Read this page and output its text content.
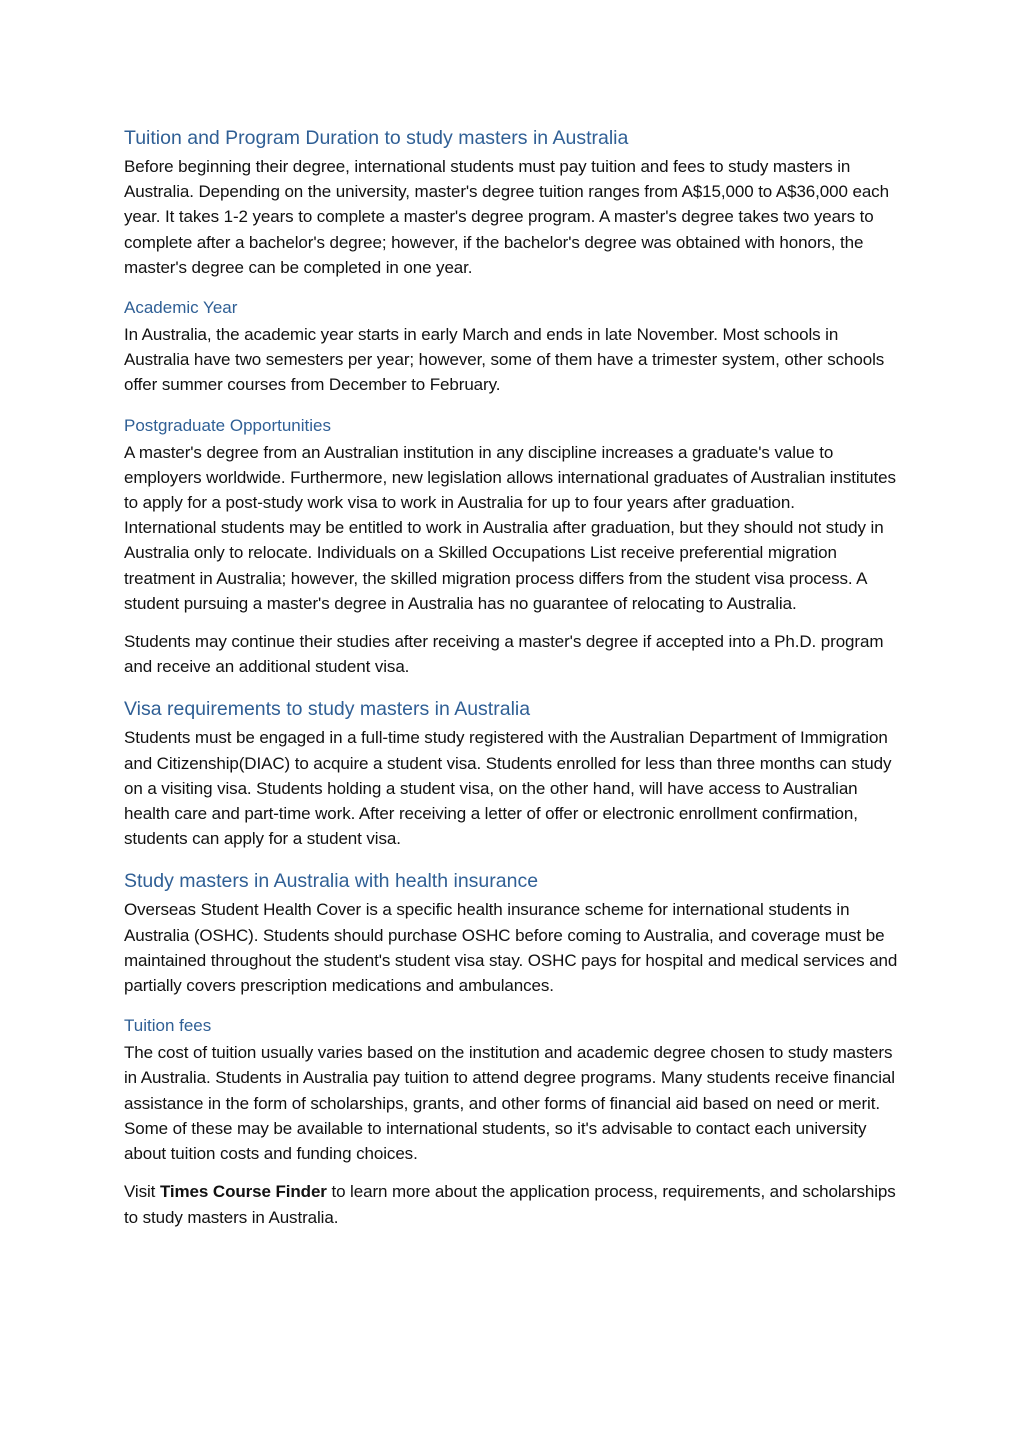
Tuition and Program Duration to study masters in Australia

Before beginning their degree, international students must pay tuition and fees to study masters in Australia. Depending on the university, master's degree tuition ranges from A$15,000 to A$36,000 each year. It takes 1-2 years to complete a master's degree program. A master's degree takes two years to complete after a bachelor's degree; however, if the bachelor's degree was obtained with honors, the master's degree can be completed in one year.

Academic Year

In Australia, the academic year starts in early March and ends in late November. Most schools in Australia have two semesters per year; however, some of them have a trimester system, other schools offer summer courses from December to February.

Postgraduate Opportunities

A master's degree from an Australian institution in any discipline increases a graduate's value to employers worldwide. Furthermore, new legislation allows international graduates of Australian institutes to apply for a post-study work visa to work in Australia for up to four years after graduation.

International students may be entitled to work in Australia after graduation, but they should not study in Australia only to relocate. Individuals on a Skilled Occupations List receive preferential migration treatment in Australia; however, the skilled migration process differs from the student visa process. A student pursuing a master's degree in Australia has no guarantee of relocating to Australia.

Students may continue their studies after receiving a master's degree if accepted into a Ph.D. program and receive an additional student visa.

Visa requirements to study masters in Australia

Students must be engaged in a full-time study registered with the Australian Department of Immigration and Citizenship(DIAC) to acquire a student visa. Students enrolled for less than three months can study on a visiting visa. Students holding a student visa, on the other hand, will have access to Australian health care and part-time work. After receiving a letter of offer or electronic enrollment confirmation, students can apply for a student visa.

Study masters in Australia with health insurance

Overseas Student Health Cover is a specific health insurance scheme for international students in Australia (OSHC). Students should purchase OSHC before coming to Australia, and coverage must be maintained throughout the student's student visa stay. OSHC pays for hospital and medical services and partially covers prescription medications and ambulances.

Tuition fees

The cost of tuition usually varies based on the institution and academic degree chosen to study masters in Australia. Students in Australia pay tuition to attend degree programs. Many students receive financial assistance in the form of scholarships, grants, and other forms of financial aid based on need or merit. Some of these may be available to international students, so it's advisable to contact each university about tuition costs and funding choices.

Visit Times Course Finder to learn more about the application process, requirements, and scholarships to study masters in Australia.
